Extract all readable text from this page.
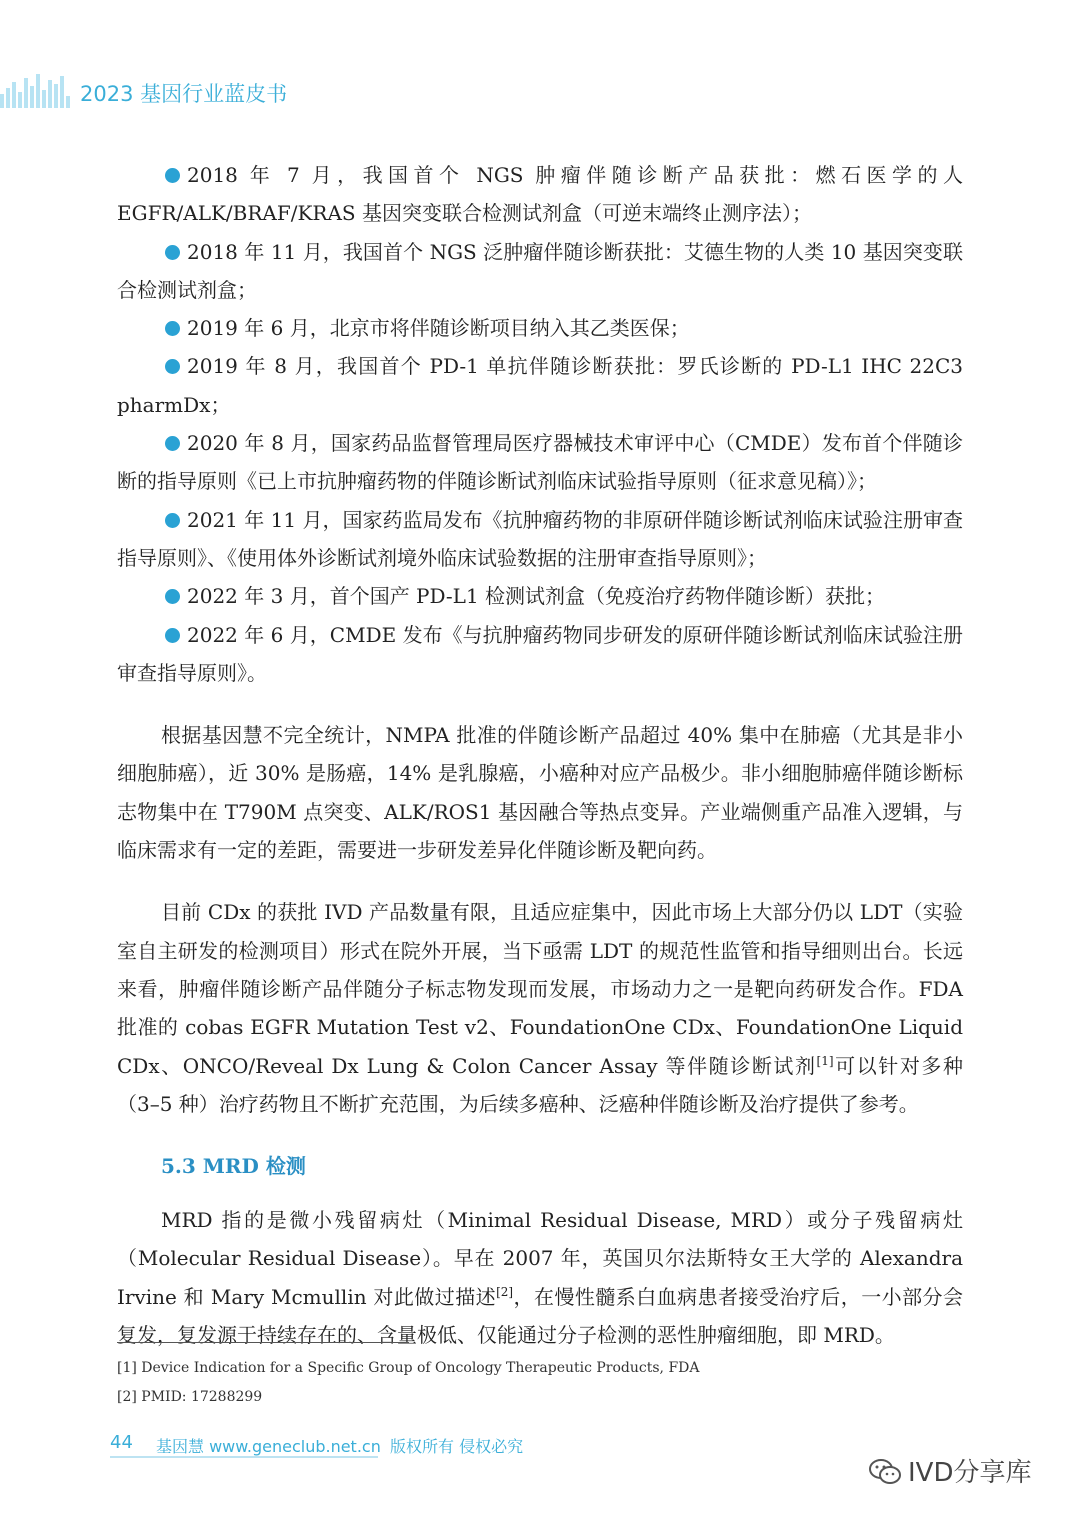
2023 基因行业蓝皮书

2018 年 7 月，我国首个 NGS 肿瘤伴随诊断产品获批：燃石医学的人 EGFR/ALK/BRAF/KRAS 基因突变联合检测试剂盒（可逆末端终止测序法）；

2018 年 11 月，我国首个 NGS 泛肿瘤伴随诊断获批：艾德生物的人类 10 基因突变联合检测试剂盒；

2019 年 6 月，北京市将伴随诊断项目纳入其乙类医保；

2019 年 8 月，我国首个 PD-1 单抗伴随诊断获批：罗氏诊断的 PD-L1 IHC 22C3 pharmDx；

2020 年 8 月，国家药品监督管理局医疗器械技术审评中心（CMDE）发布首个伴随诊断的指导原则《已上市抗肿瘤药物的伴随诊断试剂临床试验指导原则（征求意见稿）》；

2021 年 11 月，国家药监局发布《抗肿瘤药物的非原研伴随诊断试剂临床试验注册审查指导原则》、《使用体外诊断试剂境外临床试验数据的注册审查指导原则》；

2022 年 3 月，首个国产 PD-L1 检测试剂盒（免疫治疗药物伴随诊断）获批；

2022 年 6 月，CMDE 发布《与抗肿瘤药物同步研发的原研伴随诊断试剂临床试验注册审查指导原则》。

根据基因慧不完全统计，NMPA 批准的伴随诊断产品超过 40% 集中在肺癌（尤其是非小细胞肺癌），近 30% 是肠癌，14% 是乳腺癌，小癌种对应产品极少。非小细胞肺癌伴随诊断标志物集中在 T790M 点突变、ALK/ROS1 基因融合等热点变异。产业端侧重产品准入逻辑，与临床需求有一定的差距，需要进一步研发差异化伴随诊断及靶向药。

目前 CDx 的获批 IVD 产品数量有限，且适应症集中，因此市场上大部分仍以 LDT（实验室自主研发的检测项目）形式在院外开展，当下亟需 LDT 的规范性监管和指导细则出台。长远来看，肿瘤伴随诊断产品伴随分子标志物发现而发展，市场动力之一是靶向药研发合作。FDA 批准的 cobas EGFR Mutation Test v2、FoundationOne CDx、FoundationOne Liquid CDx、ONCO/Reveal Dx Lung & Colon Cancer Assay 等伴随诊断试剂[1]可以针对多种（3–5 种）治疗药物且不断扩充范围，为后续多癌种、泛癌种伴随诊断及治疗提供了参考。

5.3 MRD 检测

MRD 指的是微小残留病灶（Minimal Residual Disease, MRD）或分子残留病灶（Molecular Residual Disease）。早在 2007 年，英国贝尔法斯特女王大学的 Alexandra Irvine 和 Mary Mcmullin 对此做过描述[2]，在慢性髓系白血病患者接受治疗后，一小部分会复发，复发源于持续存在的、含量极低、仅能通过分子检测的恶性肿瘤细胞，即 MRD。

[1] Device Indication for a Specific Group of Oncology Therapeutic Products, FDA
[2] PMID: 17288299
44 基因慧 www.geneclub.net.cn 版权所有 侵权必究
IVD分享库
